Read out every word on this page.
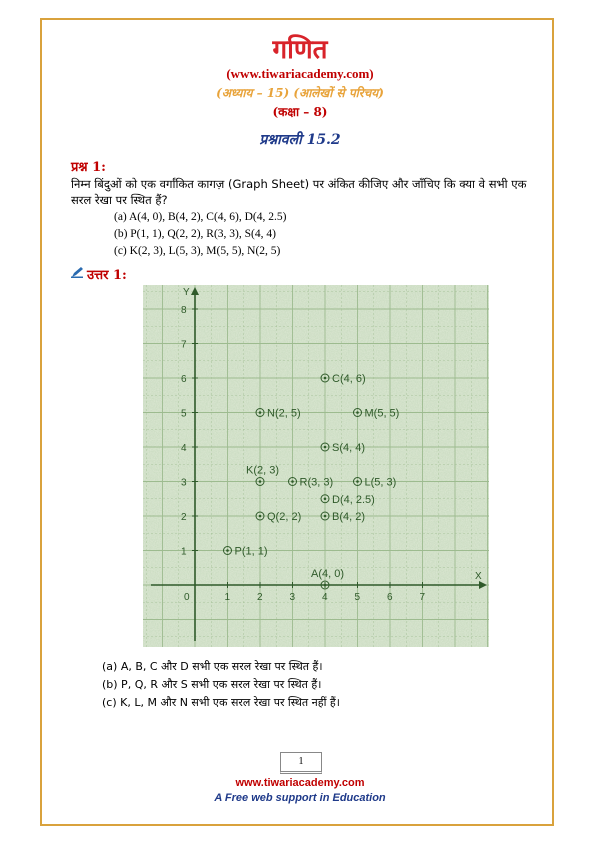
गणित
(www.tiwariacademy.com)
(अध्याय – 15) (आलेखों से परिचय)
(कक्षा – 8)
प्रश्नावली 15.2
प्रश्न 1:
निम्न बिंदुओं को एक वर्गांकित कागज़ (Graph Sheet) पर अंकित कीजिए और जाँचिए कि क्या वे सभी एक सरल रेखा पर स्थित हैं?
(a) A(4, 0), B(4, 2), C(4, 6), D(4, 2.5)
(b) P(1, 1), Q(2, 2), R(3, 3), S(4, 4)
(c) K(2, 3), L(5, 3), M(5, 5), N(2, 5)
उत्तर 1:
X
Y
0	1	2	3	4	5	6	7
1
2
3
4
5
6
7
8
A(4, 0)
B(4, 2)
C(4, 6)
D(4, 2.5)
P(1, 1)
Q(2, 2)
R(3, 3)
S(4, 4)
K(2, 3)
L(5, 3)
M(5, 5)
N(2, 5)
(a) A, B, C और D सभी एक सरल रेखा पर स्थित हैं।
(b) P, Q, R और S सभी एक सरल रेखा पर स्थित हैं।
(c) K, L, M और N सभी एक सरल रेखा पर स्थित नहीं हैं।
1
www.tiwariacademy.com
A Free web support in Education
